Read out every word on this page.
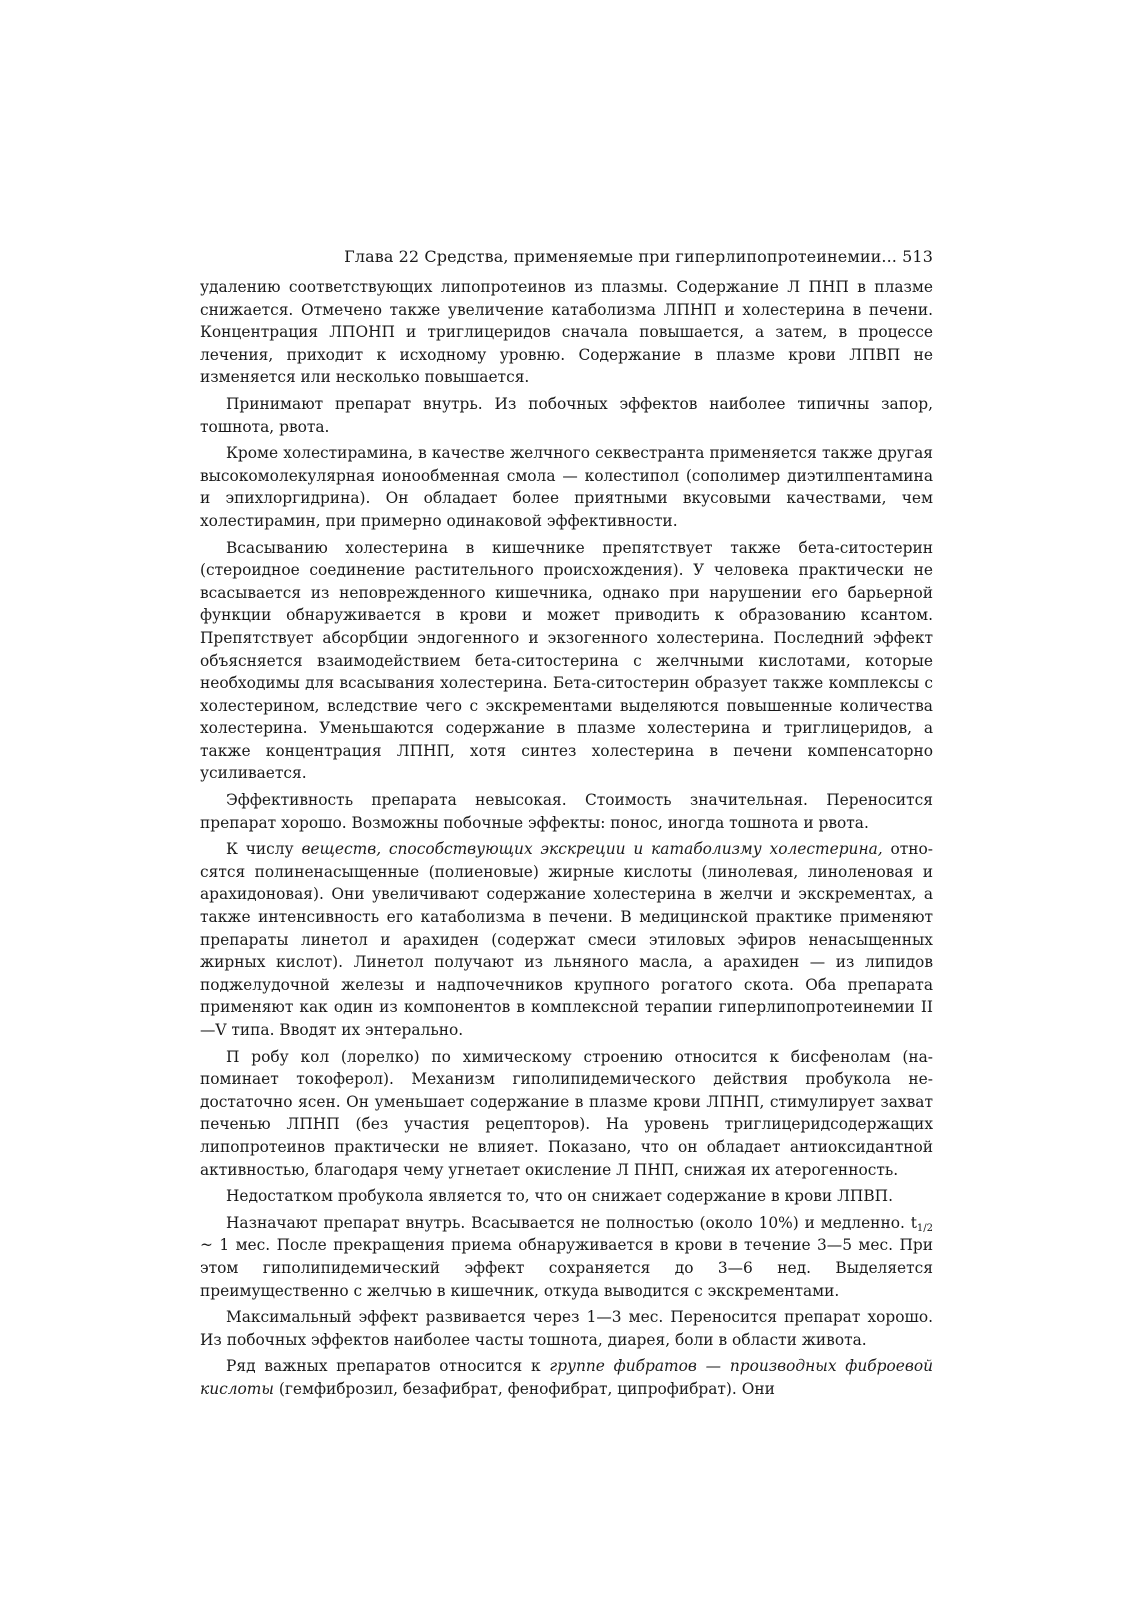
Глава 22 Средства, применяемые при гиперлипопротеинемии... 513

удалению соответствующих липопротеинов из плазмы. Содержание Л ПНП в плазме снижается. Отмечено также увеличение катаболизма ЛПНП и холестерина в печени. Концентрация ЛПОНП и триглицеридов сначала повышается, а затем, в процессе лечения, приходит к исходному уровню. Содержание в плазме крови ЛПВП не изменяется или несколько повышается.

Принимают препарат внутрь. Из побочных эффектов наиболее типичны запор, тошнота, рвота.

Кроме холестирамина, в качестве желчного секвестранта применяется также другая высокомолекулярная ионообменная смола — колестипол (сополимер диэтилпентамина и эпихлоргидрина). Он обладает более приятными вкусовыми качествами, чем холестирамин, при примерно одинаковой эффективности.

Всасыванию холестерина в кишечнике препятствует также бета-ситостерин (стероидное соединение растительного происхождения). У человека практически не всасывается из неповрежденного кишечника, однако при нарушении его барьерной функции обнаруживается в крови и может приводить к образованию ксантом. Препятствует абсорбции эндогенного и экзогенного холестерина. Последний эффект объясняется взаимодействием бета-ситостерина с желчными кислотами, которые необходимы для всасывания холестерина. Бета-ситостерин образует также комплексы с холестерином, вследствие чего с экскрементами выделяются повышенные количества холестерина. Уменьшаются содержание в плазме холестерина и триглицеридов, а также концентрация ЛПНП, хотя синтез холестерина в печени компенсаторно усиливается.

Эффективность препарата невысокая. Стоимость значительная. Переносится препарат хорошо. Возможны побочные эффекты: понос, иногда тошнота и рвота.

К числу веществ, способствующих экскреции и катаболизму холестерина, относятся полиненасыщенные (полиеновые) жирные кислоты (линолевая, линоленовая и арахидоновая). Они увеличивают содержание холестерина в желчи и экскрементах, а также интенсивность его катаболизма в печени. В медицинской практике применяют препараты линетол и арахиден (содержат смеси этиловых эфиров ненасыщенных жирных кислот). Линетол получают из льняного масла, а арахиден — из липидов поджелудочной железы и надпочечников крупного рогатого скота. Оба препарата применяют как один из компонентов в комплексной терапии гиперлипопротеинемии II—V типа. Вводят их энтерально.

П робу кол (лорелко) по химическому строению относится к бисфенолам (напоминает токоферол). Механизм гиполипидемического действия пробукола недостаточно ясен. Он уменьшает содержание в плазме крови ЛПНП, стимулирует захват печенью ЛПНП (без участия рецепторов). На уровень триглицеридсодержащих липопротеинов практически не влияет. Показано, что он обладает антиоксидантной активностью, благодаря чему угнетает окисление Л ПНП, снижая их атерогенность.

Недостатком пробукола является то, что он снижает содержание в крови ЛПВП.

Назначают препарат внутрь. Всасывается не полностью (около 10%) и медленно. $t_{1/2}$ ~ 1 мес. После прекращения приема обнаруживается в крови в течение 3—5 мес. При этом гиполипидемический эффект сохраняется до 3—6 нед. Выделяется преимущественно с желчью в кишечник, откуда выводится с экскрементами.

Максимальный эффект развивается через 1—3 мес. Переносится препарат хорошо. Из побочных эффектов наиболее часты тошнота, диарея, боли в области живота.

Ряд важных препаратов относится к группе фибратов — производных фиброевой кислоты (гемфиброзил, безафибрат, фенофибрат, ципрофибрат). Они
